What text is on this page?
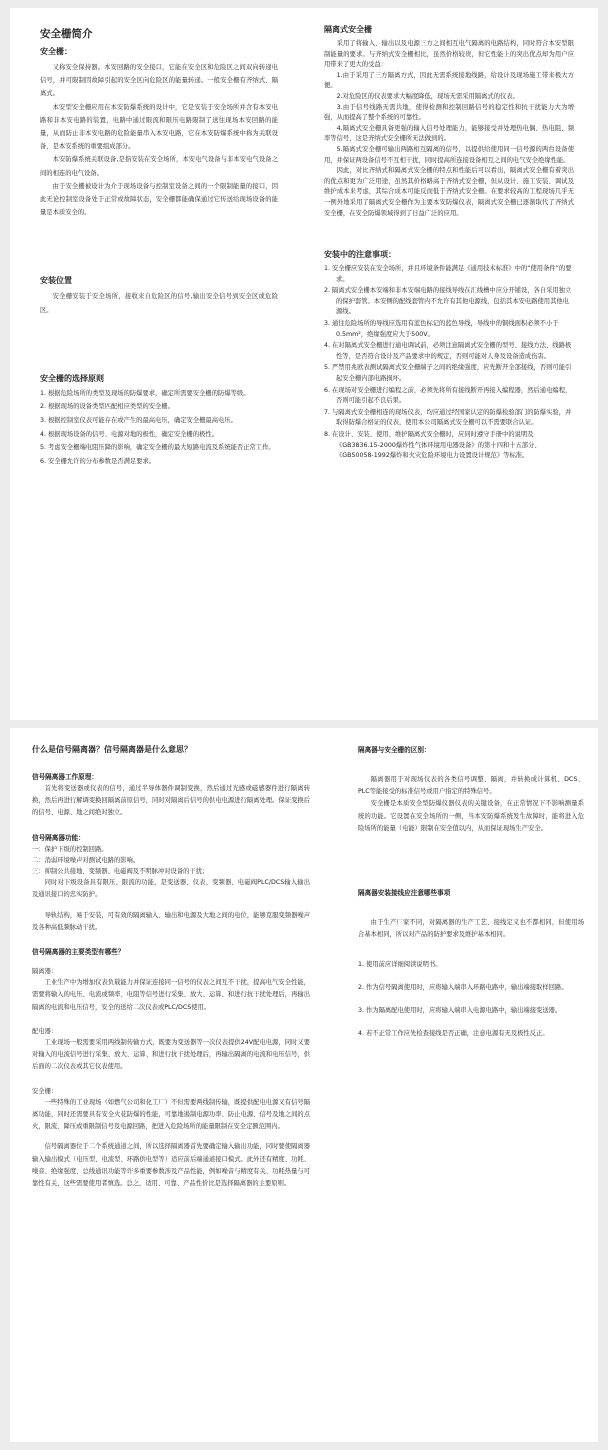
安全栅简介
安全栅：

又称安全保持器。本安回路的安全接口，它能在安全区和危险区之间双向转递电信号，并可限制因故障引起的安全区向危险区的能量转递。一般安全栅有齐纳式、隔离式。

本安型安全栅应用在本安防爆系统的设计中，它是安装于安全场所并含有本安电路和非本安电路的装置，电路中通过限流和限压电路限制了送往现场本安回路的能量，从而防止非本安电路的危险能量串入本安电路，它在本安防爆系统中称为关联设备，是本安系统的重要组成部分。

本安防爆系统关联设备,是指安装在安全场所，本安电气设备与非本安电气设备之间的相连的电气设备。

由于安全栅被设计为介于现场设备与控制室设备之间的一个限制能量的接口，因此无论控制室设备处于正常或故障状态，安全栅都能确保通过它传送给现场设备的能量是本质安全的。

安装位置

安全栅安装于安全场所，接收来自危险区的信号,输出安全信号到安全区或危险区。

安全栅的选择原则
1. 根据危险场所的类型及现场的防爆要求，确定所需要安全栅的防爆等级。
2. 根据现场的设备类型匹配相应类型的安全栅。
3. 根据控制室仪表可能存在或产生的最高电压，确定安全栅最高电压。
4. 根据现场设备的信号、电源对地的极性，确定安全栅的极性。
5. 考虑安全栅端电阻压降的影响，确定安全栅的最大短路电流及系统能否正常工作。
6. 安全栅允许的分布参数是否满足要求。
隔离式安全栅

采用了将输入、输出以及电源三方之间相互电气隔离的电路结构，同时符合本安型限制能量的要求。与齐纳式安全栅相比，虽然价格较贵，但它性能上的突出优点却为用户应用带来了更大的受益：

1.由于采用了三方隔离方式，因此无需系统接地线路，给设计及现场施工带来极大方便。

2.对危险区的仪表要求大幅度降低，现场无需采用隔离式的仪表。

3.由于信号线路无需共地，使得检测和控制回路信号的稳定性和抗干扰能力大为增强，从而提高了整个系统的可靠性。

4.隔离式安全栅具备更强的输入信号处理能力，能够接受并处理热电偶、热电阻、频率等信号，这是齐纳式安全栅所无法做到的。

5.隔离式安全栅可输出两路相互隔离的信号，以提供给使用同一信号源的两台设备使用，并保证两设备信号不互相干扰，同时提高所连接设备相互之间的电气安全绝缘性能。

因此，对比齐纳式和隔离式安全栅的特点和性能后可以看出，隔离式安全栅有着突出的优点和更为广泛用途，虽然其价格略高于齐纳式安全栅，但从设计、施工安装、调试及维护成本来考虑，其综合成本可能反而低于齐纳式安全栅。在要求较高的工程现场几乎无一例外地采用了隔离式安全栅作为主要本安防爆仪表，隔离式安全栅已逐渐取代了齐纳式安全栅，在安全防爆领域得到了日益广泛的应用。

安装中的注意事项：
1. 安全栅应安装在安全场所，并且环境条件能满足《通用技术标准》中的“使用条件”的要求。
2. 隔离式安全栅本安端和非本安端电路的接线导线在汇线槽中应分开铺设，各自采用独立的保护套管。本安侧的配线套管内不允许有其他电源线，包括其本安电路使用其他电源线。
3. 通往危险场所的导线应选用有蓝色标记的蓝色导线，导线中的铜线面积必须不小于0.5mm²，绝缘强度应大于500V。
4. 在对隔离式安全栅进行通电调试前，必须注意隔离式安全栅的型号、接线方法、线路极性等，是否符合设计及产品要求中的规定，否则可能对人身及设备造成伤害。
5. 严禁用兆欧表测试隔离式安全栅端子之间的绝缘强度，应先断开全部接线，否则可能引起安全栅内部电路损坏。
6. 在现场对安全栅进行编程之前，必须先将所有接线断开再接入编程器，然后通电编程，否则可能引起不良后果。
7. 与隔离式安全栅相连的现场仪表，均应通过经国家认定的防爆检验部门的防爆实验，并取得防爆合格证的仪表，使用本公司隔离式安全栅可以不需要联合认证。
8. 在设计、安装、使用、维护隔离式安全栅时，应同时遵守手册中的说明及《GB3836.15-2000爆炸性气体环境用电器设备》的第十四和十五部分、《GB50058-1992爆炸和火灾危险环境电力设置设计规范》等标准。
什么是信号隔离器？信号隔离器是什么意思？
信号隔离器工作原理：

首先将变送器或仪表的信号，通过半导体器件调制变换，然后通过光感或磁感器件进行隔离转换，然后再进行解调变换回隔离前原信号，同时对隔离后信号的供电电源进行隔离处理。保证变换后的信号、电源、地之间绝对独立。

信号隔离器功能：
一：保护下级的控制回路。
二：消弱环境噪声对测试电路的影响。
三：抑制公共接地、变频器、电磁阀及不明脉冲对设备的干扰；

同时对下级设备具有限压、限流的功能，是变送器、仪表、变频器、电磁阀PLC/DCS输入输出及通讯接口的忠实防护。

导轨结构，易于安装，可有效的隔离输入、输出和电源及大地之间的电位，能够克服变频器噪声及各种高低频脉动干扰。

信号隔离器的主要类型有哪些？
隔离器：

工业生产中为增加仪表负载能力并保证连接同一信号的仪表之间互不干扰，提高电气安全性能，需要将输入的电压、电流或频率、电阻等信号进行采集、放大、运算、和进行抗干扰处理后，再输出隔离的电流和电压信号，安全的送给二次仪表或PLC/DCS使用。

配电器：

工业现场一般需要采用两线制传输方式，既要为变送器等一次仪表提供24V配电电源，同时又要对输入的电流信号进行采集、放大、运算、和进行抗干扰处理后，再输出隔离的电流和电压信号，供后面的二次仪表或其它仪表使用。

安全栅：

一些特殊的工业现场（如燃气公司和化工厂）不但需要两线制传输，既提供配电电源又有信号隔离功能，同时还需要具有安全火花防爆的性能，可靠地遏制电源功率、防止电源、信号及地之间的点火，限流、降压或重限制信号及电源回路，把进入危险场所的能量限制在安全定额范围内。

信号隔离器位于二个系统通道之间，所以选择隔离器首先要确定输入输出功能，同时要使隔离器输入输出模式（电压型、电流型、环路供电型等）适应前后端通道接口模式。此外还有精度、功耗、噪音、绝缘强度、总线通讯功能等许多重要参数涉及产品性能，例如噪音与精度有关、功耗热量与可靠性有关，这些需要使用者慎选。总之，适用、可靠、产品性价比是选择隔离器的主要原则。

隔离器与安全栅的区别：

隔离器用于对现场仪表的各类信号调整、隔离，并转换成计算机、DCS、PLC等能接受的标准信号或用户指定的特殊信号。

安全栅是本质安全型防爆仪器仪表的关键设备，在正常情况下不影响测量系统的功能。它设置在安全场所的一侧，当本安防爆系统发生故障时，能将进入危险场所的能量（电能）限制在安全值以内，从而保证现场生产安全。

隔离器安装接线应注意哪些事项

由于生产厂家不同，对隔离器的生产工艺、接线定义也不都相同，但使用场合基本相同，所以对产品的防护要求及维护基本相同。

1. 使用前应详细阅读说明书。
2. 作为信号隔离使用时，应将输入端串入环路电路中，输出端接取样回路。
3. 作为隔离配电使用时，应将输入端串入电源电路中，输出端接变送器。
4. 若不正常工作应先检查接线是否正确，注意电源有无及极性反正。
